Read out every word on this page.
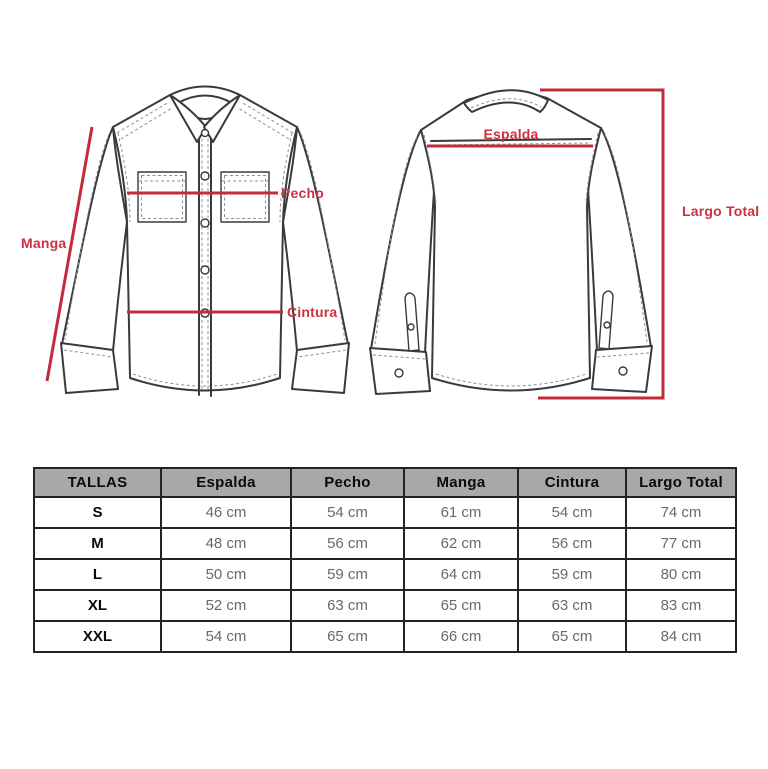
Manga
Pecho
Cintura
Espalda
Largo Total
TALLAS	Espalda	Pecho	Manga	Cintura	Largo Total
S	46 cm	54 cm	61 cm	54 cm	74 cm
M	48 cm	56 cm	62 cm	56 cm	77 cm
L	50 cm	59 cm	64 cm	59 cm	80 cm
XL	52 cm	63 cm	65 cm	63 cm	83 cm
XXL	54 cm	65 cm	66 cm	65 cm	84 cm
